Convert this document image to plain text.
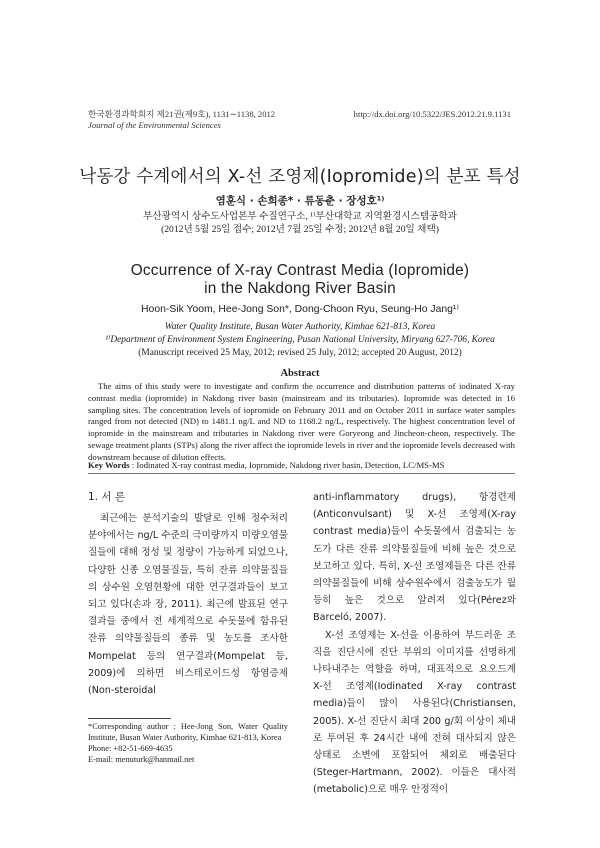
한국환경과학회지 제21권(제9호), 1131∼1138, 2012
Journal of the Environmental Sciences
http://dx.doi.org/10.5322/JES.2012.21.9.1131
낙동강 수계에서의 X-선 조영제(Iopromide)의 분포 특성
염훈식 · 손희종* · 류동춘 · 장성호¹⁾
부산광역시 상수도사업본부 수질연구소, ¹⁾부산대학교 지역환경시스템공학과
(2012년 5월 25일 접수; 2012년 7월 25일 수정; 2012년 8월 20일 채택)
Occurrence of X-ray Contrast Media (Iopromide)
in the Nakdong River Basin
Hoon-Sik Yoom, Hee-Jong Son*, Dong-Choon Ryu, Seung-Ho Jang¹⁾
Water Quality Institute, Busan Water Authority, Kimhae 621-813, Korea
¹⁾Department of Environment System Engineering, Pusan National University, Miryang 627-706, Korea
(Manuscript received 25 May, 2012; revised 25 July, 2012; accepted 20 August, 2012)
Abstract
The aims of this study were to investigate and confirm the occurrence and distribution patterns of iodinated X-ray contrast media (iopromide) in Nakdong river basin (mainstream and its tributaries). Iopromide was detected in 16 sampling sites. The concentration levels of iopromide on February 2011 and on October 2011 in surface water samples ranged from not detected (ND) to 1481.1 ng/L and ND to 1168.2 ng/L, respectively. The highest concentration level of iopromide in the mainstream and tributaries in Nakdong river were Goryeong and Jincheon-cheon, respectively. The sewage treatment plants (STPs) along the river affect the iopromide levels in river and the iopromide levels decreased with downstream because of dilution effects.
Key Words : Iodinated X-ray contrast media, Iopromide, Nakdong river basin, Detection, LC/MS-MS
1. 서 론

최근에는 분석기술의 발달로 인해 정수처리 분야에서는 ng/L 수준의 극미량까지 미량오염물질들에 대해 정성 및 정량이 가능하게 되었으나, 다양한 신종 오염물질들, 특히 잔류 의약물질들의 상수원 오염현황에 대한 연구결과들이 보고되고 있다(손과 장, 2011). 최근에 발표된 연구결과들 중에서 전 세계적으로 수돗물에 함유된 잔류 의약물질들의 종류 및 농도를 조사한 Mompelat 등의 연구결과(Mompelat 등, 2009)에 의하면 비스테로이드성 항염증제(Non-steroidal

anti-inflammatory drugs), 항경련제(Anticonvulsant) 및 X-선 조영제(X-ray contrast media)들이 수돗물에서 검출되는 농도가 다른 잔류 의약물질들에 비해 높은 것으로 보고하고 있다. 특히, X-선 조영제들은 다른 잔류 의약물질들에 비해 상수원수에서 검출농도가 월등히 높은 것으로 알려져 있다(Pérez와 Barceló, 2007).

X-선 조영제는 X-선을 이용하여 부드러운 조직을 진단시에 진단 부위의 이미지를 선명하게 나타내주는 역할을 하며, 대표적으로 요오드계 X-선 조영제(Iodinated X-ray contrast media)들이 많이 사용된다(Christiansen, 2005). X-선 진단시 최대 200 g/회 이상이 체내로 투여된 후 24시간 내에 전혀 대사되지 않은 상태로 소변에 포함되어 체외로 배출된다(Steger-Hartmann, 2002). 이들은 대사적(metabolic)으로 매우 안정적이

*Corresponding author : Hee-Jong Son, Water Quality Institute, Busan Water Authority, Kimhae 621-813, Korea
Phone: +82-51-669-4635
E-mail: menuturk@hanmail.net
